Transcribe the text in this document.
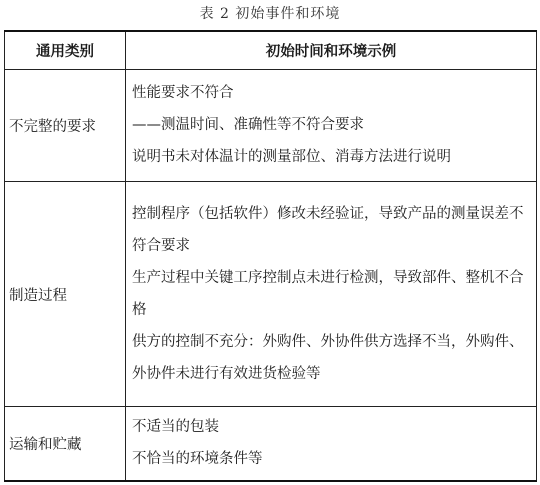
表 2 初始事件和环境
通用类别	初始时间和环境示例
不完整的要求	性能要求不符合
——测温时间、准确性等不符合要求
说明书未对体温计的测量部位、消毒方法进行说明

制造过程	控制程序（包括软件）修改未经验证，导致产品的测量误差不符合要求
生产过程中关键工序控制点未进行检测，导致部件、整机不合格
供方的控制不充分：外购件、外协件供方选择不当，外购件、外协件未进行有效进货检验等

运输和贮藏	不适当的包装
不恰当的环境条件等
